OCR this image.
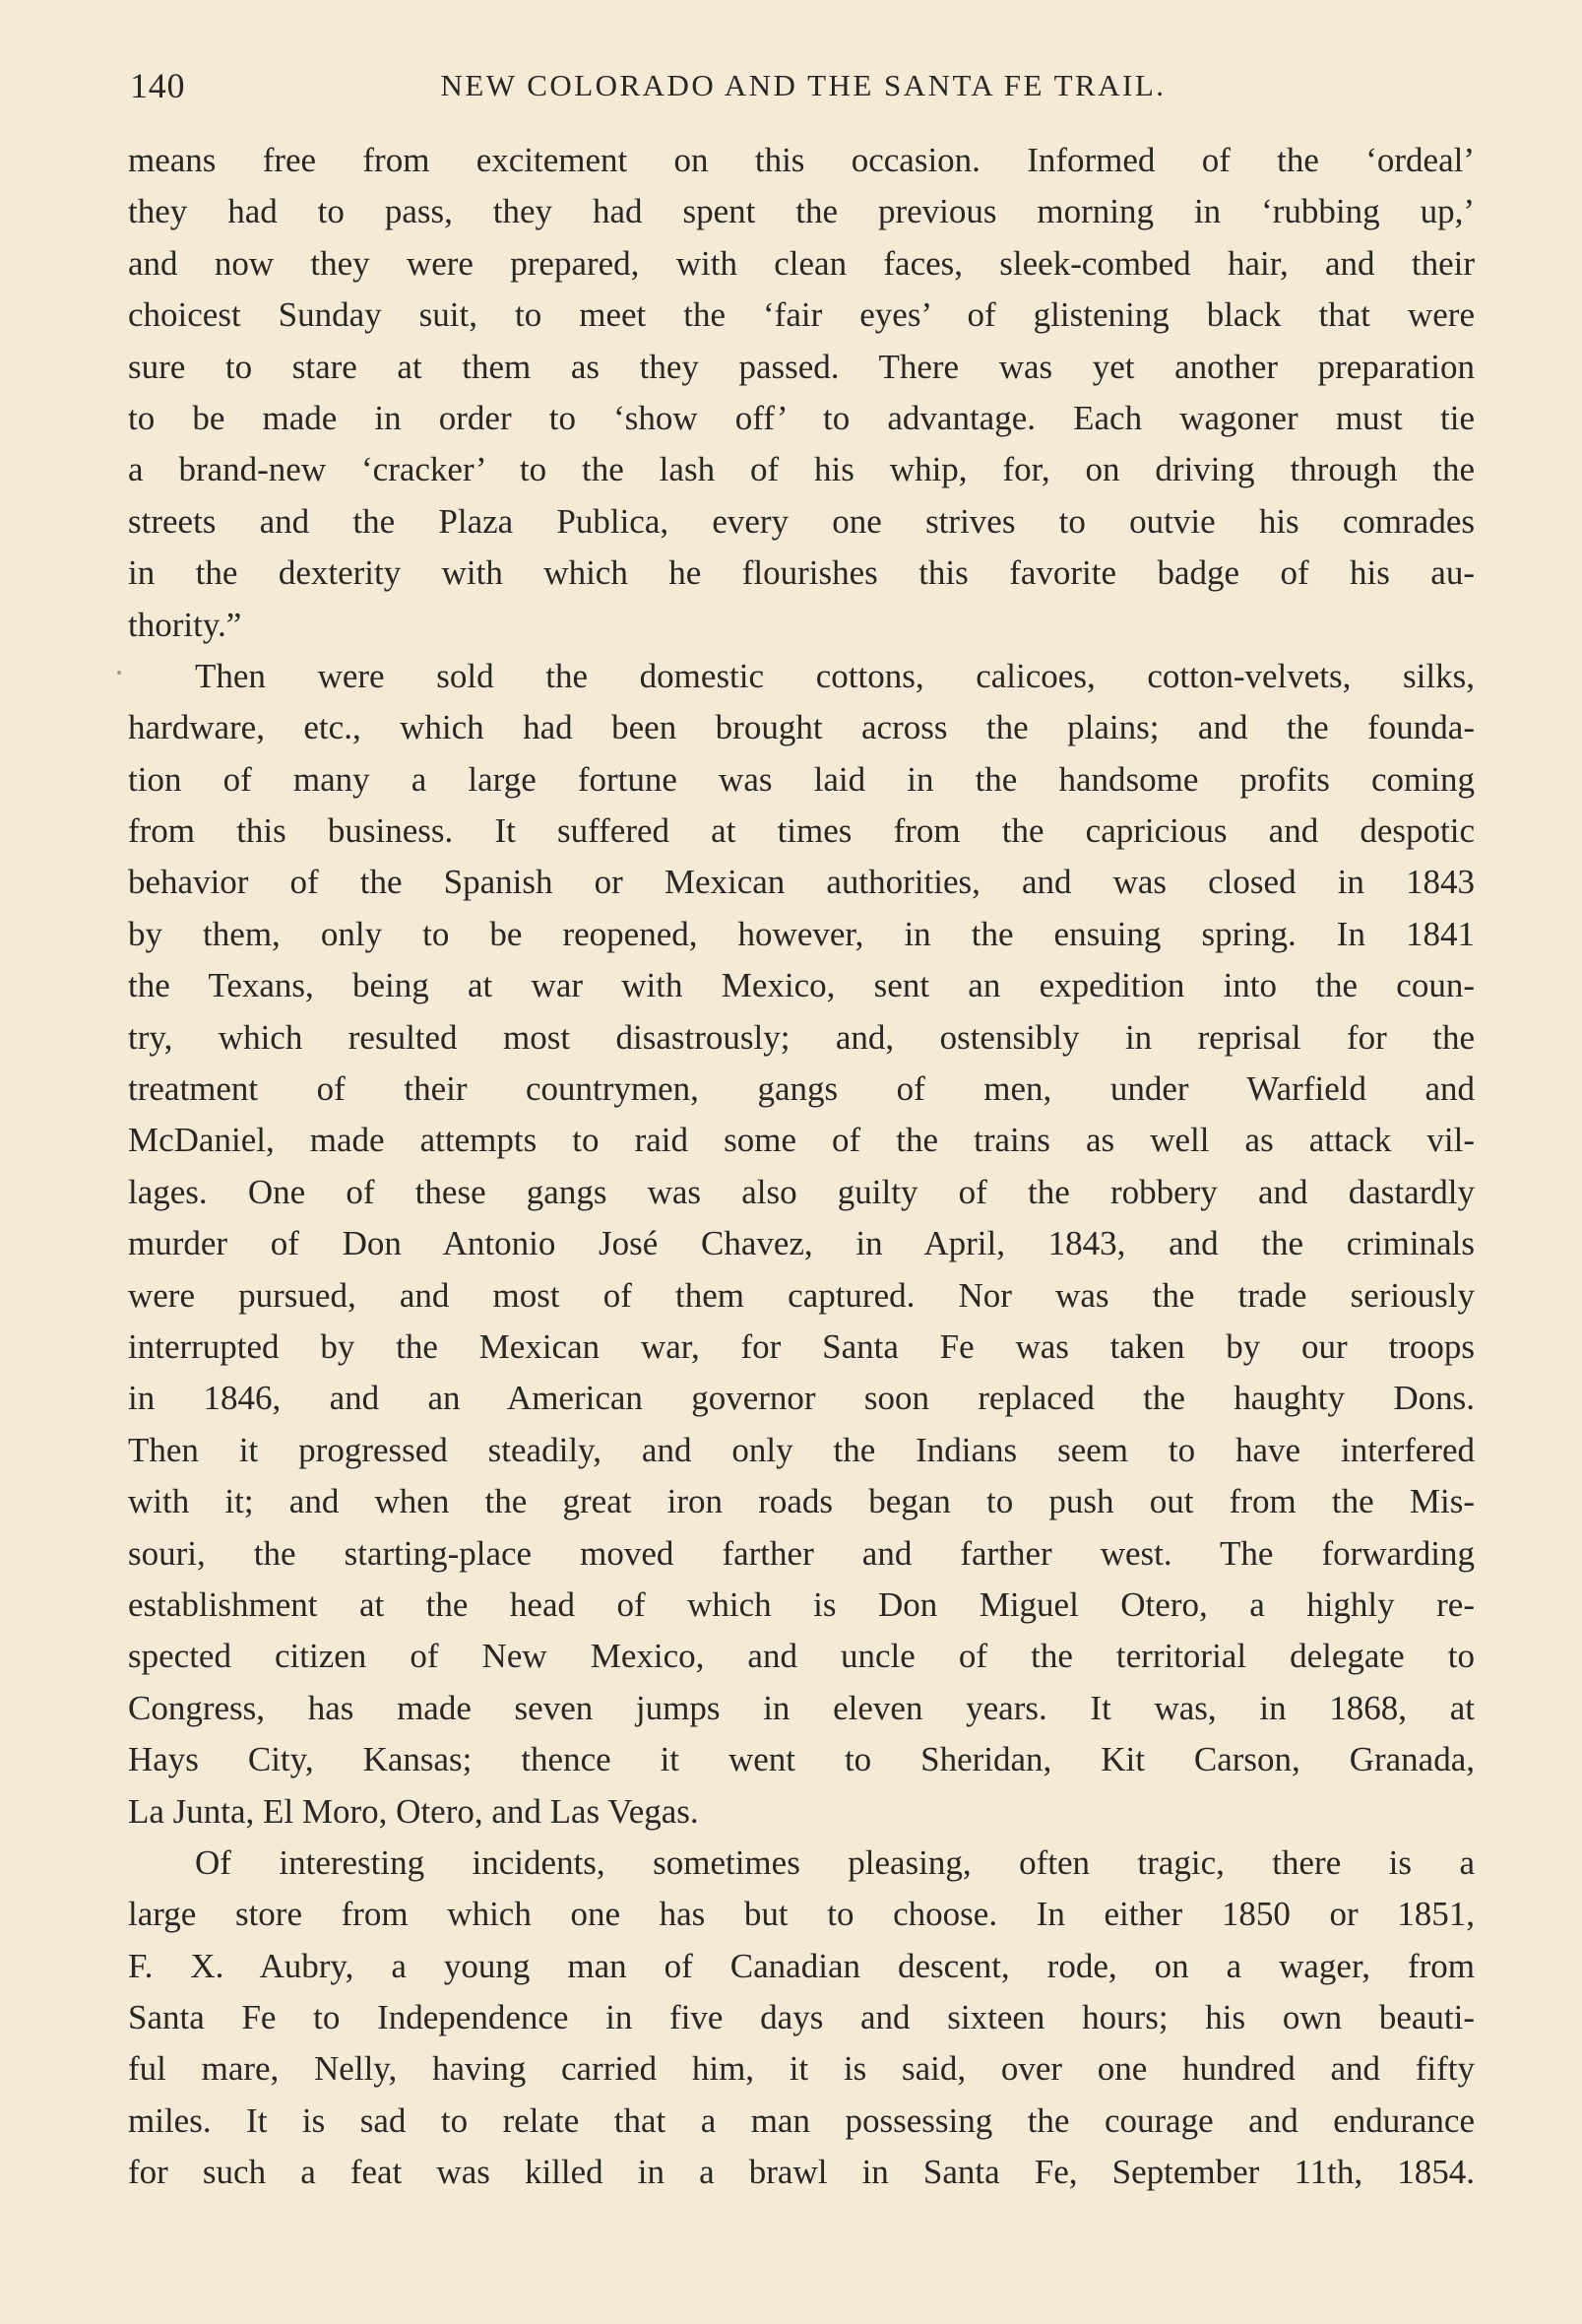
140	NEW COLORADO AND THE SANTA FE TRAIL.
means free from excitement on this occasion. Informed of the ‘ordeal’
they had to pass, they had spent the previous morning in ‘rubbing up,’
and now they were prepared, with clean faces, sleek-combed hair, and their
choicest Sunday suit, to meet the ‘fair eyes’ of glistening black that were
sure to stare at them as they passed. There was yet another preparation
to be made in order to ‘show off’ to advantage. Each wagoner must tie
a brand-new ‘cracker’ to the lash of his whip, for, on driving through the
streets and the Plaza Publica, every one strives to outvie his comrades
in the dexterity with which he flourishes this favorite badge of his au-
thority.”
Then were sold the domestic cottons, calicoes, cotton-velvets, silks,
hardware, etc., which had been brought across the plains; and the founda-
tion of many a large fortune was laid in the handsome profits coming
from this business. It suffered at times from the capricious and despotic
behavior of the Spanish or Mexican authorities, and was closed in 1843
by them, only to be reopened, however, in the ensuing spring. In 1841
the Texans, being at war with Mexico, sent an expedition into the coun-
try, which resulted most disastrously; and, ostensibly in reprisal for the
treatment of their countrymen, gangs of men, under Warfield and
McDaniel, made attempts to raid some of the trains as well as attack vil-
lages. One of these gangs was also guilty of the robbery and dastardly
murder of Don Antonio José Chavez, in April, 1843, and the criminals
were pursued, and most of them captured. Nor was the trade seriously
interrupted by the Mexican war, for Santa Fe was taken by our troops
in 1846, and an American governor soon replaced the haughty Dons.
Then it progressed steadily, and only the Indians seem to have interfered
with it; and when the great iron roads began to push out from the Mis-
souri, the starting-place moved farther and farther west. The forwarding
establishment at the head of which is Don Miguel Otero, a highly re-
spected citizen of New Mexico, and uncle of the territorial delegate to
Congress, has made seven jumps in eleven years. It was, in 1868, at
Hays City, Kansas; thence it went to Sheridan, Kit Carson, Granada,
La Junta, El Moro, Otero, and Las Vegas.
Of interesting incidents, sometimes pleasing, often tragic, there is a
large store from which one has but to choose. In either 1850 or 1851,
F. X. Aubry, a young man of Canadian descent, rode, on a wager, from
Santa Fe to Independence in five days and sixteen hours; his own beauti-
ful mare, Nelly, having carried him, it is said, over one hundred and fifty
miles. It is sad to relate that a man possessing the courage and endurance
for such a feat was killed in a brawl in Santa Fe, September 11th, 1854.
